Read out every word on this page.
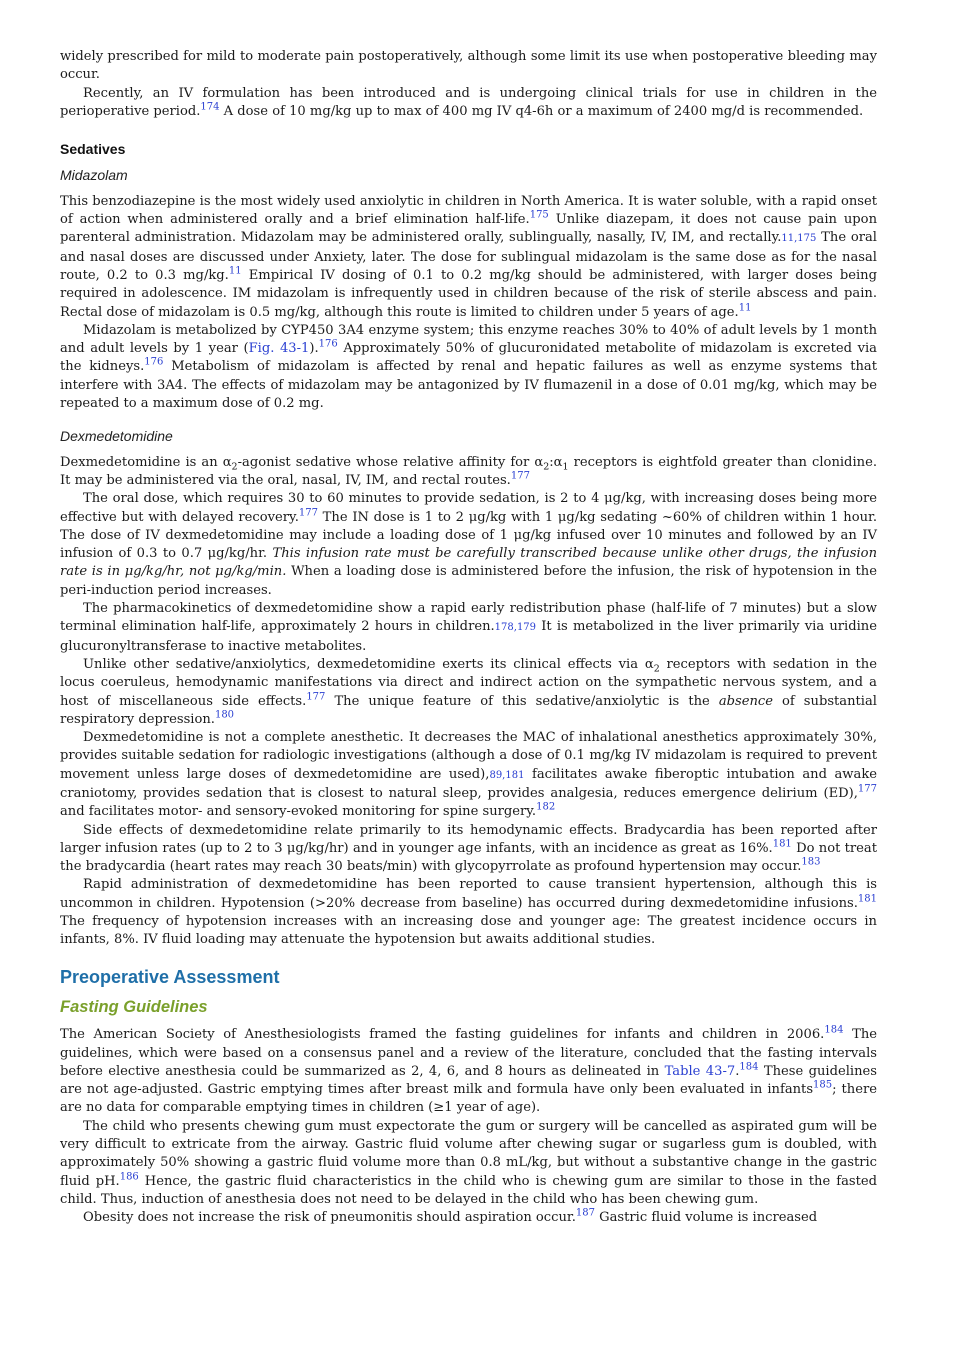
widely prescribed for mild to moderate pain postoperatively, although some limit its use when postoperative bleeding may occur.

Recently, an IV formulation has been introduced and is undergoing clinical trials for use in children in the perioperative period.$^{174}$ A dose of 10 mg/kg up to max of 400 mg IV q4-6h or a maximum of 2400 mg/d is recommended.

Sedatives
Midazolam

This benzodiazepine is the most widely used anxiolytic in children in North America. It is water soluble, with a rapid onset of action when administered orally and a brief elimination half-life.$^{175}$ Unlike diazepam, it does not cause pain upon parenteral administration. Midazolam may be administered orally, sublingually, nasally, IV, IM, and rectally.11,175 The oral and nasal doses are discussed under Anxiety, later. The dose for sublingual midazolam is the same dose as for the nasal route, 0.2 to 0.3 mg/kg.$^{11}$ Empirical IV dosing of 0.1 to 0.2 mg/kg should be administered, with larger doses being required in adolescence. IM midazolam is infrequently used in children because of the risk of sterile abscess and pain. Rectal dose of midazolam is 0.5 mg/kg, although this route is limited to children under 5 years of age.$^{11}$

Midazolam is metabolized by CYP450 3A4 enzyme system; this enzyme reaches 30% to 40% of adult levels by 1 month and adult levels by 1 year (Fig. 43-1).$^{176}$ Approximately 50% of glucuronidated metabolite of midazolam is excreted via the kidneys.$^{176}$ Metabolism of midazolam is affected by renal and hepatic failures as well as enzyme systems that interfere with 3A4. The effects of midazolam may be antagonized by IV flumazenil in a dose of 0.01 mg/kg, which may be repeated to a maximum dose of 0.2 mg.

Dexmedetomidine

Dexmedetomidine is an $\alpha_2$-agonist sedative whose relative affinity for $\alpha_2:\alpha_1$ receptors is eightfold greater than clonidine. It may be administered via the oral, nasal, IV, IM, and rectal routes.$^{177}$

The oral dose, which requires 30 to 60 minutes to provide sedation, is 2 to 4 μg/kg, with increasing doses being more effective but with delayed recovery.$^{177}$ The IN dose is 1 to 2 μg/kg with 1 μg/kg sedating ~60% of children within 1 hour. The dose of IV dexmedetomidine may include a loading dose of 1 μg/kg infused over 10 minutes and followed by an IV infusion of 0.3 to 0.7 μg/kg/hr. This infusion rate must be carefully transcribed because unlike other drugs, the infusion rate is in μg/kg/hr, not μg/kg/min. When a loading dose is administered before the infusion, the risk of hypotension in the peri-induction period increases.

The pharmacokinetics of dexmedetomidine show a rapid early redistribution phase (half-life of 7 minutes) but a slow terminal elimination half-life, approximately 2 hours in children.178,179 It is metabolized in the liver primarily via uridine glucuronyltransferase to inactive metabolites.

Unlike other sedative/anxiolytics, dexmedetomidine exerts its clinical effects via $\alpha_2$ receptors with sedation in the locus coeruleus, hemodynamic manifestations via direct and indirect action on the sympathetic nervous system, and a host of miscellaneous side effects.$^{177}$ The unique feature of this sedative/anxiolytic is the absence of substantial respiratory depression.$^{180}$

Dexmedetomidine is not a complete anesthetic. It decreases the MAC of inhalational anesthetics approximately 30%, provides suitable sedation for radiologic investigations (although a dose of 0.1 mg/kg IV midazolam is required to prevent movement unless large doses of dexmedetomidine are used),89,181 facilitates awake fiberoptic intubation and awake craniotomy, provides sedation that is closest to natural sleep, provides analgesia, reduces emergence delirium (ED),$^{177}$ and facilitates motor- and sensory-evoked monitoring for spine surgery.$^{182}$

Side effects of dexmedetomidine relate primarily to its hemodynamic effects. Bradycardia has been reported after larger infusion rates (up to 2 to 3 μg/kg/hr) and in younger age infants, with an incidence as great as 16%.$^{181}$ Do not treat the bradycardia (heart rates may reach 30 beats/min) with glycopyrrolate as profound hypertension may occur.$^{183}$

Rapid administration of dexmedetomidine has been reported to cause transient hypertension, although this is uncommon in children. Hypotension (>20% decrease from baseline) has occurred during dexmedetomidine infusions.$^{181}$ The frequency of hypotension increases with an increasing dose and younger age: The greatest incidence occurs in infants, 8%. IV fluid loading may attenuate the hypotension but awaits additional studies.

Preoperative Assessment
Fasting Guidelines

The American Society of Anesthesiologists framed the fasting guidelines for infants and children in 2006.$^{184}$ The guidelines, which were based on a consensus panel and a review of the literature, concluded that the fasting intervals before elective anesthesia could be summarized as 2, 4, 6, and 8 hours as delineated in Table 43-7.$^{184}$ These guidelines are not age-adjusted. Gastric emptying times after breast milk and formula have only been evaluated in infants$^{185}$; there are no data for comparable emptying times in children (≥1 year of age).

The child who presents chewing gum must expectorate the gum or surgery will be cancelled as aspirated gum will be very difficult to extricate from the airway. Gastric fluid volume after chewing sugar or sugarless gum is doubled, with approximately 50% showing a gastric fluid volume more than 0.8 mL/kg, but without a substantive change in the gastric fluid pH.$^{186}$ Hence, the gastric fluid characteristics in the child who is chewing gum are similar to those in the fasted child. Thus, induction of anesthesia does not need to be delayed in the child who has been chewing gum.

Obesity does not increase the risk of pneumonitis should aspiration occur.$^{187}$ Gastric fluid volume is increased
